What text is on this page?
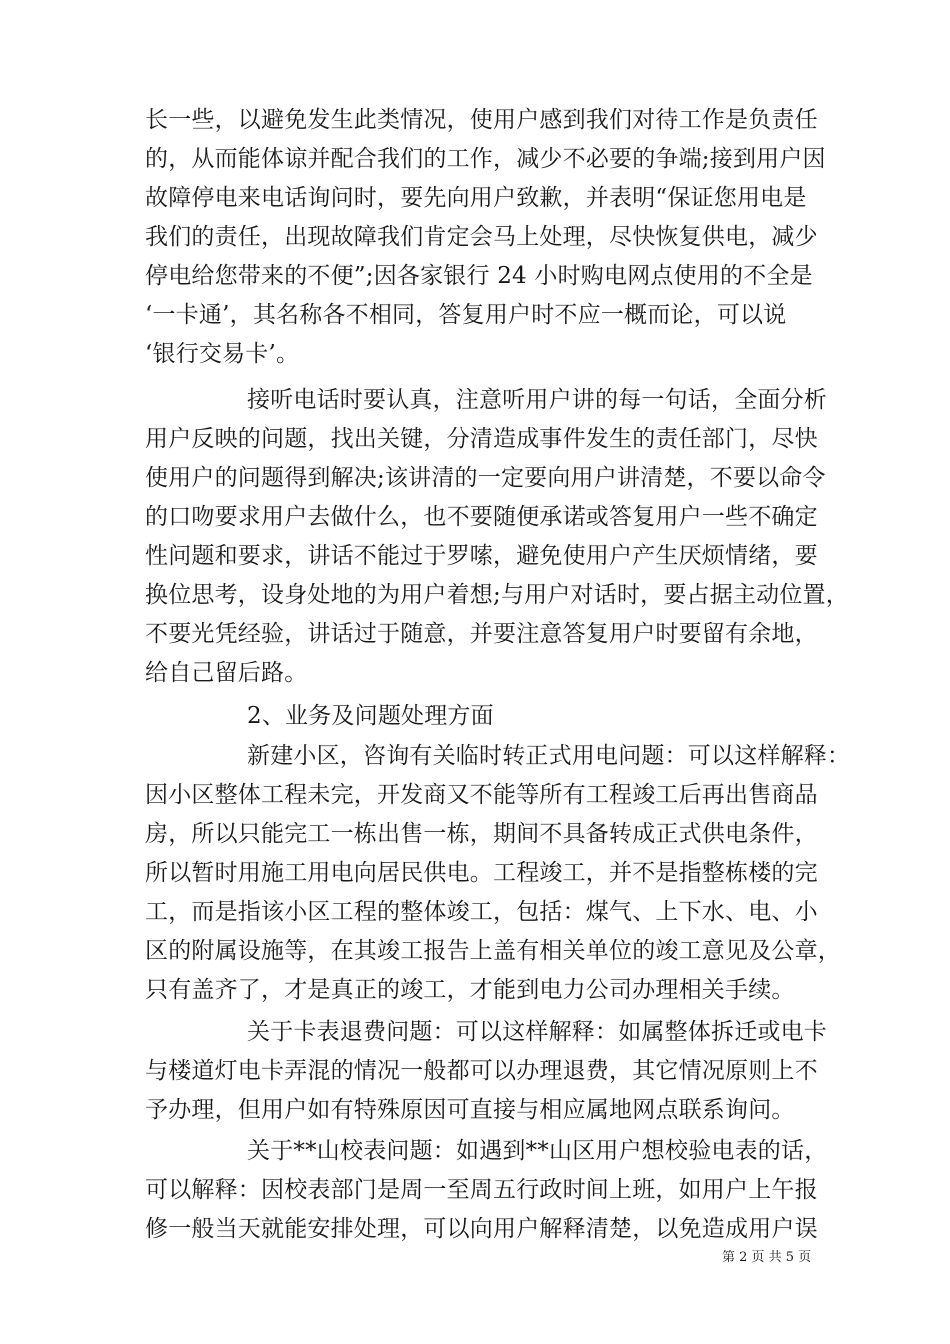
长一些，以避免发生此类情况，使用户感到我们对待工作是负责任
的，从而能体谅并配合我们的工作，减少不必要的争端;接到用户因
故障停电来电话询问时，要先向用户致歉，并表明“保证您用电是
我们的责任，出现故障我们肯定会马上处理，尽快恢复供电，减少
停电给您带来的不便”;因各家银行 24 小时购电网点使用的不全是
‘一卡通’，其名称各不相同，答复用户时不应一概而论，可以说
‘银行交易卡’。
接听电话时要认真，注意听用户讲的每一句话，全面分析
用户反映的问题，找出关键，分清造成事件发生的责任部门，尽快
使用户的问题得到解决;该讲清的一定要向用户讲清楚，不要以命令
的口吻要求用户去做什么，也不要随便承诺或答复用户一些不确定
性问题和要求，讲话不能过于罗嗦，避免使用户产生厌烦情绪，要
换位思考，设身处地的为用户着想;与用户对话时，要占据主动位置，
不要光凭经验，讲话过于随意，并要注意答复用户时要留有余地，
给自己留后路。
2、业务及问题处理方面
新建小区，咨询有关临时转正式用电问题：可以这样解释：
因小区整体工程未完，开发商又不能等所有工程竣工后再出售商品
房，所以只能完工一栋出售一栋，期间不具备转成正式供电条件，
所以暂时用施工用电向居民供电。工程竣工，并不是指整栋楼的完
工，而是指该小区工程的整体竣工，包括：煤气、上下水、电、小
区的附属设施等，在其竣工报告上盖有相关单位的竣工意见及公章，
只有盖齐了，才是真正的竣工，才能到电力公司办理相关手续。
关于卡表退费问题：可以这样解释：如属整体拆迁或电卡
与楼道灯电卡弄混的情况一般都可以办理退费，其它情况原则上不
予办理，但用户如有特殊原因可直接与相应属地网点联系询问。
关于**山校表问题：如遇到**山区用户想校验电表的话，
可以解释：因校表部门是周一至周五行政时间上班，如用户上午报
修一般当天就能安排处理，可以向用户解释清楚，以免造成用户误
第 2 页 共 5 页
